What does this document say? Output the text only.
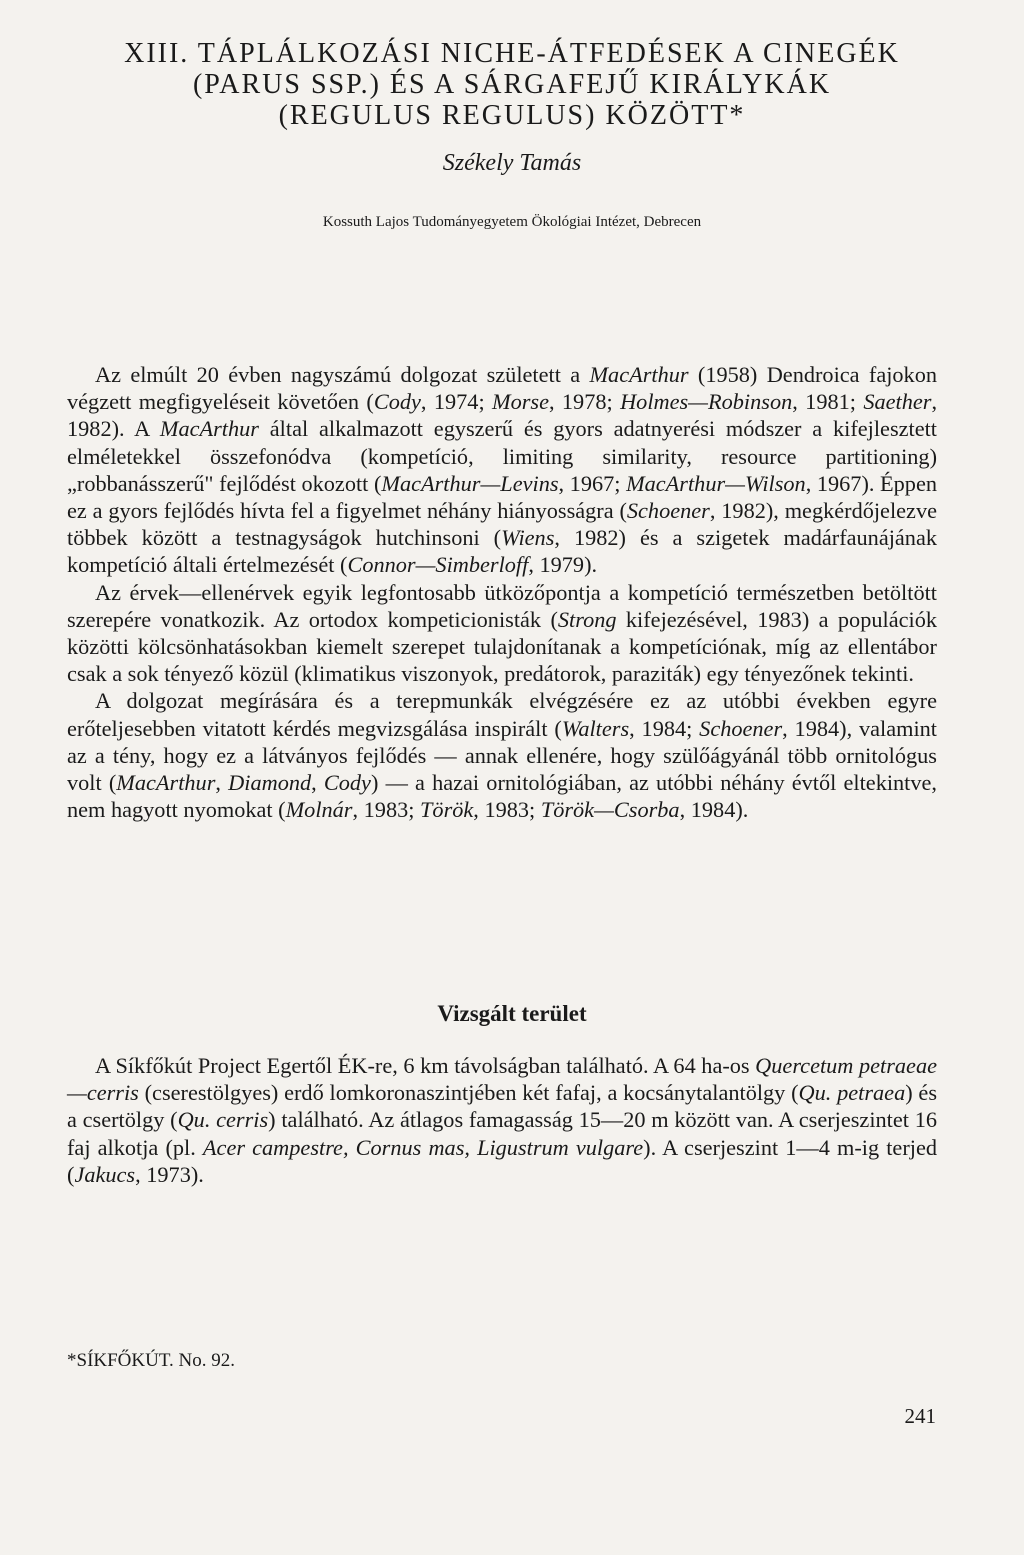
XIII. TÁPLÁLKOZÁSI NICHE-ÁTFEDÉSEK A CINEGÉK
(PARUS SSP.) ÉS A SÁRGAFEJŰ KIRÁLYKÁK
(REGULUS REGULUS) KÖZÖTT*
Székely Tamás
Kossuth Lajos Tudományegyetem Ökológiai Intézet, Debrecen

Az elmúlt 20 évben nagyszámú dolgozat született a MacArthur (1958) Dendroica fajokon végzett megfigyeléseit követően (Cody, 1974; Morse, 1978; Holmes—Robinson, 1981; Saether, 1982). A MacArthur által alkalmazott egyszerű és gyors adatnyerési módszer a kifejlesztett elméletekkel összefonódva (kompetíció, limiting similarity, resource partitioning) „robbanásszerű" fejlődést okozott (MacArthur—Levins, 1967; MacArthur—Wilson, 1967). Éppen ez a gyors fejlődés hívta fel a figyelmet néhány hiányosságra (Schoener, 1982), megkérdőjelezve többek között a testnagyságok hutchinsoni (Wiens, 1982) és a szigetek madárfaunájának kompetíció általi értelmezését (Connor—Simberloff, 1979).

Az érvek—ellenérvek egyik legfontosabb ütközőpontja a kompetíció természetben betöltött szerepére vonatkozik. Az ortodox kompeticionisták (Strong kifejezésével, 1983) a populációk közötti kölcsönhatásokban kiemelt szerepet tulajdonítanak a kompetíciónak, míg az ellentábor csak a sok tényező közül (klimatikus viszonyok, predátorok, paraziták) egy tényezőnek tekinti.

A dolgozat megírására és a terepmunkák elvégzésére ez az utóbbi években egyre erőteljesebben vitatott kérdés megvizsgálása inspirált (Walters, 1984; Schoener, 1984), valamint az a tény, hogy ez a látványos fejlődés — annak ellenére, hogy szülőágyánál több ornitológus volt (MacArthur, Diamond, Cody) — a hazai ornitológiában, az utóbbi néhány évtől eltekintve, nem hagyott nyomokat (Molnár, 1983; Török, 1983; Török—Csorba, 1984).

Vizsgált terület

A Síkfőkút Project Egertől ÉK-re, 6 km távolságban található. A 64 ha-os Quercetum petraeae—cerris (cserestölgyes) erdő lomkoronaszintjében két fafaj, a kocsánytalantölgy (Qu. petraea) és a csertölgy (Qu. cerris) található. Az átlagos famagasság 15—20 m között van. A cserjeszintet 16 faj alkotja (pl. Acer campestre, Cornus mas, Ligustrum vulgare). A cserjeszint 1—4 m-ig terjed (Jakucs, 1973).

*SÍKFŐKÚT. No. 92.
241
